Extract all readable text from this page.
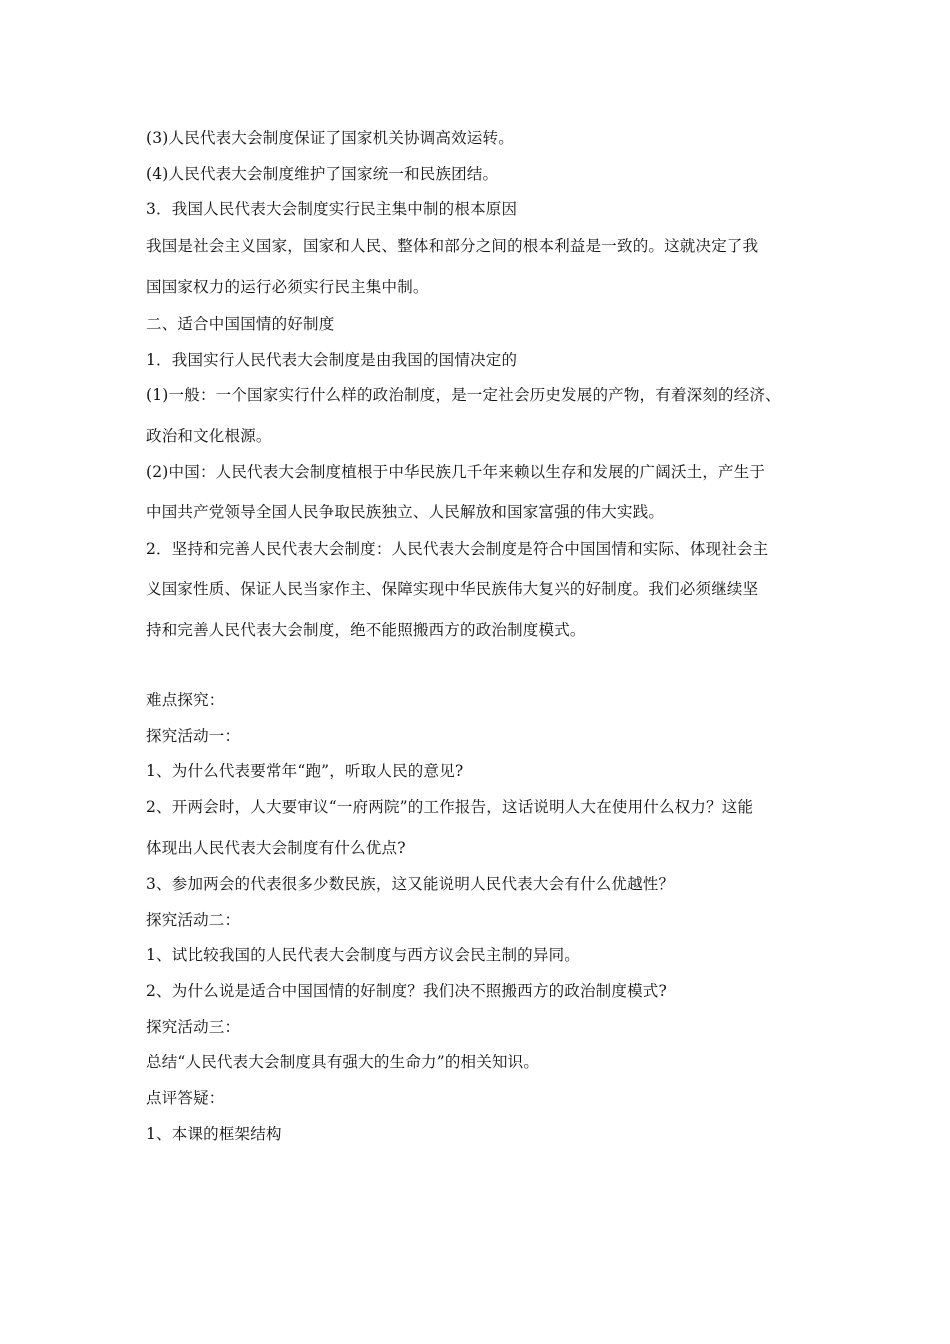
(3)人民代表大会制度保证了国家机关协调高效运转。
(4)人民代表大会制度维护了国家统一和民族团结。
3．我国人民代表大会制度实行民主集中制的根本原因
我国是社会主义国家，国家和人民、整体和部分之间的根本利益是一致的。这就决定了我
国国家权力的运行必须实行民主集中制。
二、适合中国国情的好制度
1．我国实行人民代表大会制度是由我国的国情决定的
(1)一般：一个国家实行什么样的政治制度，是一定社会历史发展的产物，有着深刻的经济、
政治和文化根源。
(2)中国：人民代表大会制度植根于中华民族几千年来赖以生存和发展的广阔沃土，产生于
中国共产党领导全国人民争取民族独立、人民解放和国家富强的伟大实践。
2．坚持和完善人民代表大会制度：人民代表大会制度是符合中国国情和实际、体现社会主
义国家性质、保证人民当家作主、保障实现中华民族伟大复兴的好制度。我们必须继续坚
持和完善人民代表大会制度，绝不能照搬西方的政治制度模式。
难点探究：
探究活动一：
1、为什么代表要常年“跑”，听取人民的意见?
2、开两会时，人大要审议“一府两院”的工作报告，这话说明人大在使用什么权力？这能
体现出人民代表大会制度有什么优点?
3、参加两会的代表很多少数民族，这又能说明人民代表大会有什么优越性？
探究活动二：
1、试比较我国的人民代表大会制度与西方议会民主制的异同。
2、为什么说是适合中国国情的好制度？我们决不照搬西方的政治制度模式?
探究活动三：
总结“人民代表大会制度具有强大的生命力”的相关知识。
点评答疑：
1、本课的框架结构
